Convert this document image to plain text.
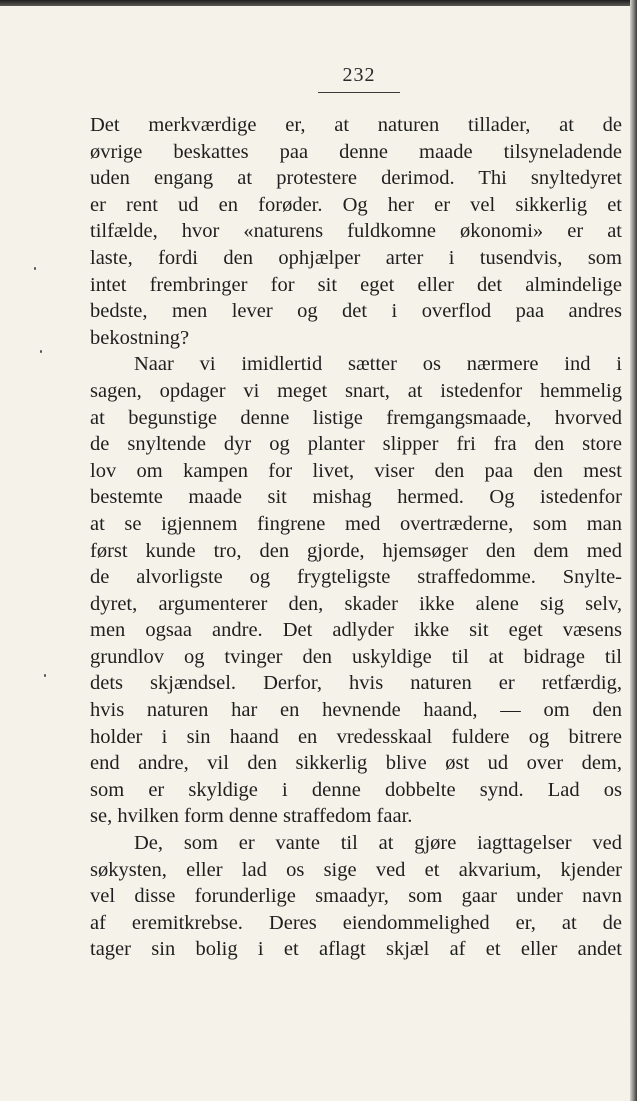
232
Det merkværdige er, at naturen tillader, at de
øvrige beskattes paa denne maade tilsyneladende
uden engang at protestere derimod. Thi snyltedyret
er rent ud en forøder. Og her er vel sikkerlig et
tilfælde, hvor «naturens fuldkomne økonomi» er at
laste, fordi den ophjælper arter i tusendvis, som
intet frembringer for sit eget eller det almindelige
bedste, men lever og det i overflod paa andres
bekostning?
Naar vi imidlertid sætter os nærmere ind i
sagen, opdager vi meget snart, at istedenfor hemmelig
at begunstige denne listige fremgangsmaade, hvorved
de snyltende dyr og planter slipper fri fra den store
lov om kampen for livet, viser den paa den mest
bestemte maade sit mishag hermed. Og istedenfor
at se igjennem fingrene med overtræderne, som man
først kunde tro, den gjorde, hjemsøger den dem med
de alvorligste og frygteligste straffedomme. Snylte-
dyret, argumenterer den, skader ikke alene sig selv,
men ogsaa andre. Det adlyder ikke sit eget væsens
grundlov og tvinger den uskyldige til at bidrage til
dets skjændsel. Derfor, hvis naturen er retfærdig,
hvis naturen har en hevnende haand, — om den
holder i sin haand en vredesskaal fuldere og bitrere
end andre, vil den sikkerlig blive øst ud over dem,
som er skyldige i denne dobbelte synd. Lad os
se, hvilken form denne straffedom faar.
De, som er vante til at gjøre iagttagelser ved
søkysten, eller lad os sige ved et akvarium, kjender
vel disse forunderlige smaadyr, som gaar under navn
af eremitkrebse. Deres eiendommelighed er, at de
tager sin bolig i et aflagt skjæl af et eller andet
